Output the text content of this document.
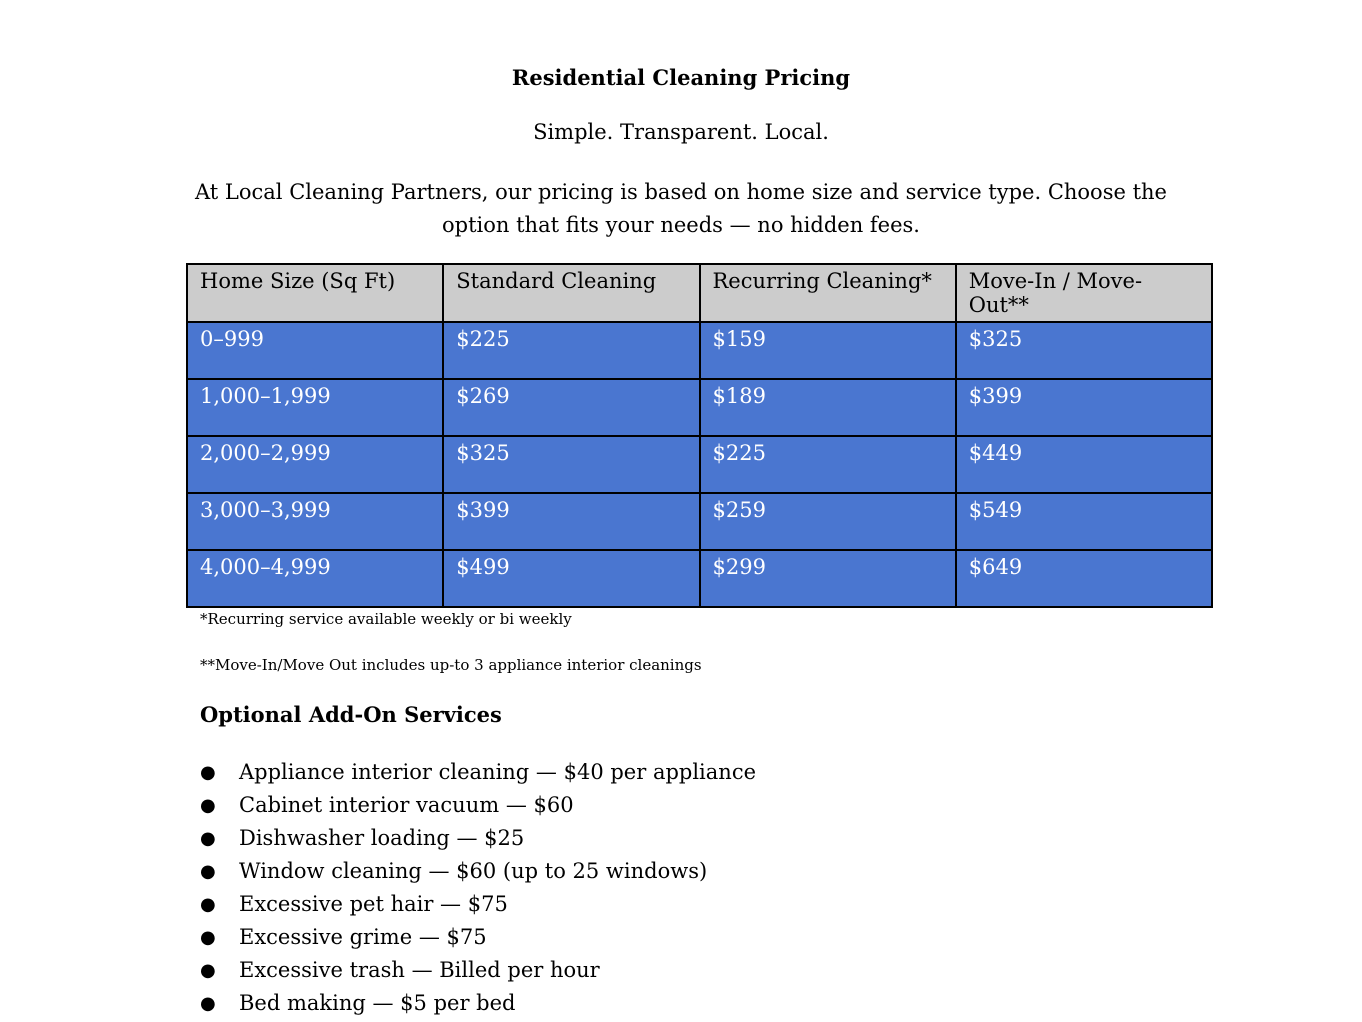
Residential Cleaning Pricing
Simple. Transparent. Local.
At Local Cleaning Partners, our pricing is based on home size and service type. Choose the option that fits your needs — no hidden fees.
Home Size (Sq Ft)	Standard Cleaning	Recurring Cleaning*	Move-In / Move-Out**
0–999	$225	$159	$325
1,000–1,999	$269	$189	$399
2,000–2,999	$325	$225	$449
3,000–3,999	$399	$259	$549
4,000–4,999	$499	$299	$649
*Recurring service available weekly or bi weekly
**Move-In/Move Out includes up-to 3 appliance interior cleanings
Optional Add-On Services
● Appliance interior cleaning — $40 per appliance
● Cabinet interior vacuum — $60
● Dishwasher loading — $25
● Window cleaning — $60 (up to 25 windows)
● Excessive pet hair — $75
● Excessive grime — $75
● Excessive trash — Billed per hour
● Bed making — $5 per bed
